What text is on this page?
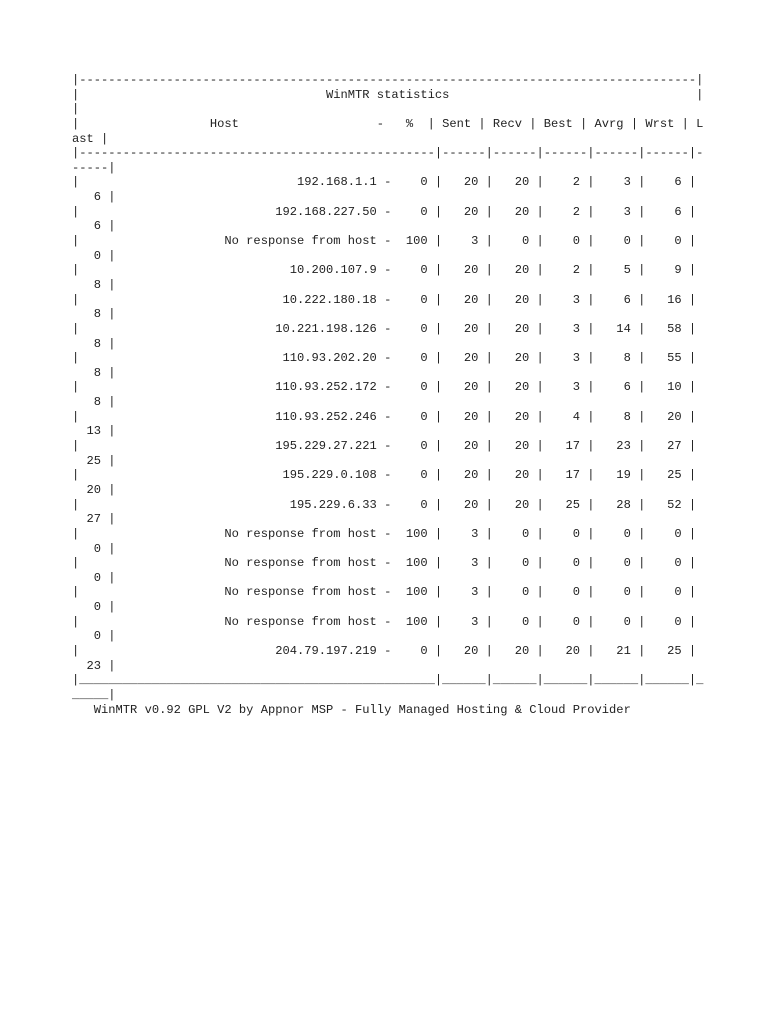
|-------------------------------------------------------------------------------------|
|                                  WinMTR statistics                                  |
|
|                  Host                   -   %  | Sent | Recv | Best | Avrg | Wrst | L
ast |
|-------------------------------------------------|------|------|------|------|------|-
-----|
|                              192.168.1.1 -    0 |   20 |   20 |    2 |    3 |    6 |
6 |
|                           192.168.227.50 -    0 |   20 |   20 |    2 |    3 |    6 |
6 |
|                    No response from host -  100 |    3 |    0 |    0 |    0 |    0 |
0 |
|                             10.200.107.9 -    0 |   20 |   20 |    2 |    5 |    9 |
8 |
|                            10.222.180.18 -    0 |   20 |   20 |    3 |    6 |   16 |
8 |
|                           10.221.198.126 -    0 |   20 |   20 |    3 |   14 |   58 |
8 |
|                            110.93.202.20 -    0 |   20 |   20 |    3 |    8 |   55 |
8 |
|                           110.93.252.172 -    0 |   20 |   20 |    3 |    6 |   10 |
8 |
|                           110.93.252.246 -    0 |   20 |   20 |    4 |    8 |   20 |
13 |
|                           195.229.27.221 -    0 |   20 |   20 |   17 |   23 |   27 |
25 |
|                            195.229.0.108 -    0 |   20 |   20 |   17 |   19 |   25 |
20 |
|                             195.229.6.33 -    0 |   20 |   20 |   25 |   28 |   52 |
27 |
|                    No response from host -  100 |    3 |    0 |    0 |    0 |    0 |
0 |
|                    No response from host -  100 |    3 |    0 |    0 |    0 |    0 |
0 |
|                    No response from host -  100 |    3 |    0 |    0 |    0 |    0 |
0 |
|                    No response from host -  100 |    3 |    0 |    0 |    0 |    0 |
0 |
|                           204.79.197.219 -    0 |   20 |   20 |   20 |   21 |   25 |
23 |
|_________________________________________________|______|______|______|______|______|_
_____|
WinMTR v0.92 GPL V2 by Appnor MSP - Fully Managed Hosting & Cloud Provider
